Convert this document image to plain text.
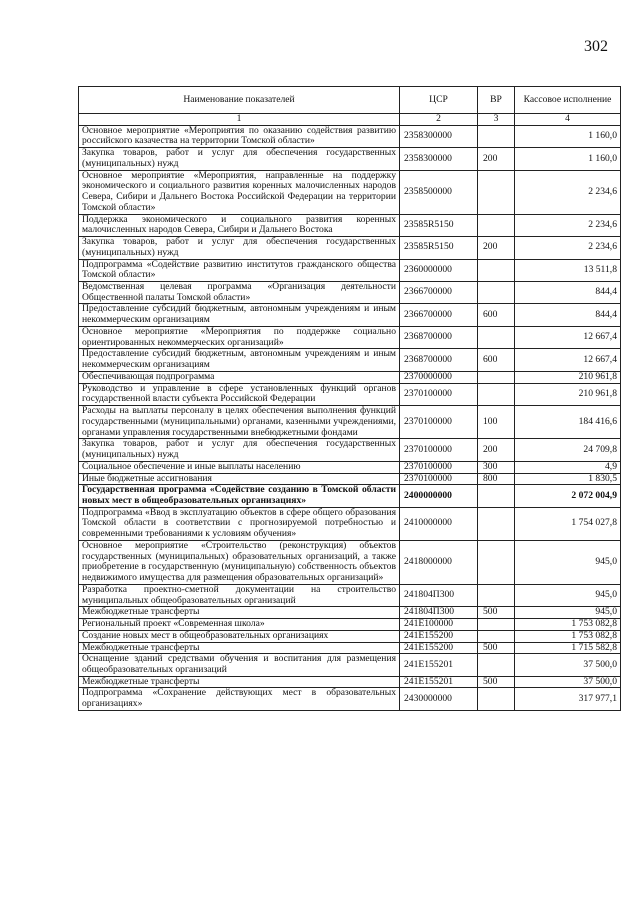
302
Наименование показателей	ЦСР	ВР	Кассовое исполнение
1	2	3	4
Основное мероприятие «Мероприятия по оказанию содействия развитию российского казачества на территории Томской области»	2358300000		1 160,0
Закупка товаров, работ и услуг для обеспечения государственных (муниципальных) нужд	2358300000	200	1 160,0
Основное мероприятие «Мероприятия, направленные на поддержку экономического и социального развития коренных малочисленных народов Севера, Сибири и Дальнего Востока Российской Федерации на территории Томской области»	2358500000		2 234,6
Поддержка экономического и социального развития коренных малочисленных народов Севера, Сибири и Дальнего Востока	23585R5150		2 234,6
Закупка товаров, работ и услуг для обеспечения государственных (муниципальных) нужд	23585R5150	200	2 234,6
Подпрограмма «Содействие развитию институтов гражданского общества Томской области»	2360000000		13 511,8
Ведомственная целевая программа «Организация деятельности Общественной палаты Томской области»	2366700000		844,4
Предоставление субсидий бюджетным, автономным учреждениям и иным некоммерческим организациям	2366700000	600	844,4
Основное мероприятие «Мероприятия по поддержке социально ориентированных некоммерческих организаций»	2368700000		12 667,4
Предоставление субсидий бюджетным, автономным учреждениям и иным некоммерческим организациям	2368700000	600	12 667,4
Обеспечивающая подпрограмма	2370000000		210 961,8
Руководство и управление в сфере установленных функций органов государственной власти субъекта Российской Федерации	2370100000		210 961,8
Расходы на выплаты персоналу в целях обеспечения выполнения функций государственными (муниципальными) органами, казенными учреждениями, органами управления государственными внебюджетными фондами	2370100000	100	184 416,6
Закупка товаров, работ и услуг для обеспечения государственных (муниципальных) нужд	2370100000	200	24 709,8
Социальное обеспечение и иные выплаты населению	2370100000	300	4,9
Иные бюджетные ассигнования	2370100000	800	1 830,5
Государственная программа «Содействие созданию в Томской области новых мест в общеобразовательных организациях»	2400000000		2 072 004,9
Подпрограмма «Ввод в эксплуатацию объектов в сфере общего образования Томской области в соответствии с прогнозируемой потребностью и современными требованиями к условиям обучения»	2410000000		1 754 027,8
Основное мероприятие «Строительство (реконструкция) объектов государственных (муниципальных) образовательных организаций, а также приобретение в государственную (муниципальную) собственность объектов недвижимого имущества для размещения образовательных организаций»	2418000000		945,0
Разработка проектно-сметной документации на строительство муниципальных общеобразовательных организаций	241804П300		945,0
Межбюджетные трансферты	241804П300	500	945,0
Региональный проект «Современная школа»	241E100000		1 753 082,8
Создание новых мест в общеобразовательных организациях	241E155200		1 753 082,8
Межбюджетные трансферты	241E155200	500	1 715 582,8
Оснащение зданий средствами обучения и воспитания для размещения общеобразовательных организаций	241E155201		37 500,0
Межбюджетные трансферты	241E155201	500	37 500,0
Подпрограмма «Сохранение действующих мест в образовательных организациях»	2430000000		317 977,1
